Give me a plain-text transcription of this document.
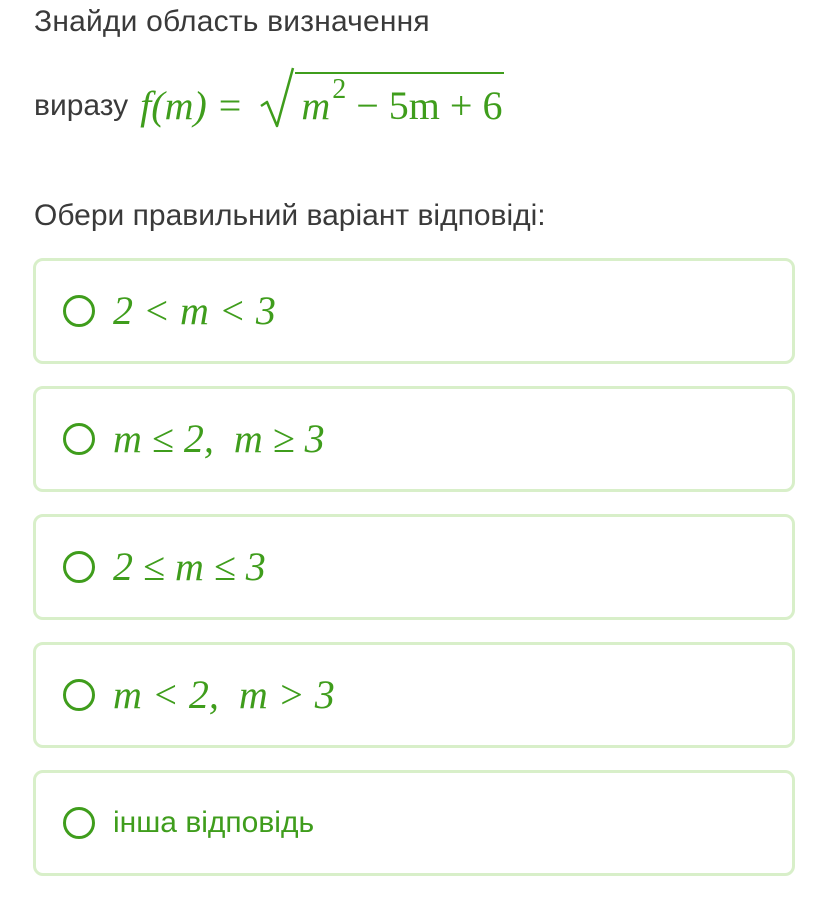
Знайди область визначення
виразу $f(m) = m^2 - 5m + 6$
Обери правильний варіант відповіді:
2 < m < 3
m ≤ 2,  m ≥ 3
2 ≤ m ≤ 3
m < 2,  m > 3
інша відповідь
